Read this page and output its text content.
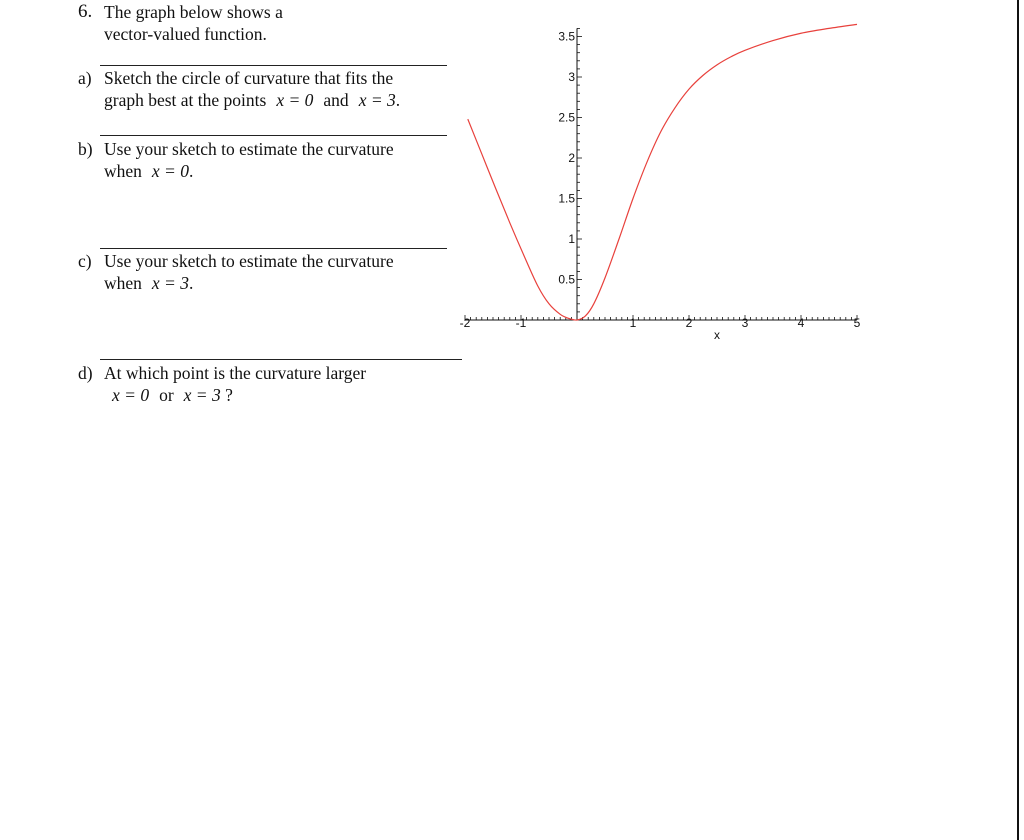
6. The graph below shows a
vector-valued function.
a) Sketch the circle of curvature that fits the
graph best at the points x = 0 and x = 3.
b) Use your sketch to estimate the curvature
when x = 0.
c) Use your sketch to estimate the curvature
when x = 3.
d) At which point is the curvature larger
x = 0 or x = 3 ?
-2	-1	1	2	3	4	5
0.5
1
1.5
2
2.5
3
3.5
x
